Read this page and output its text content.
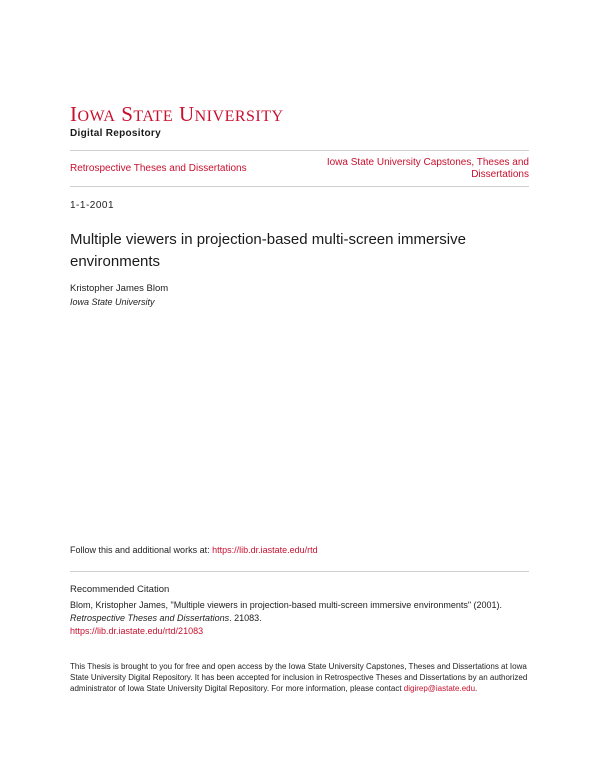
IOWA STATE UNIVERSITY
Digital Repository
Retrospective Theses and Dissertations
Iowa State University Capstones, Theses and Dissertations
1-1-2001
Multiple viewers in projection-based multi-screen immersive environments
Kristopher James Blom
Iowa State University
Follow this and additional works at: https://lib.dr.iastate.edu/rtd
Recommended Citation
Blom, Kristopher James, "Multiple viewers in projection-based multi-screen immersive environments" (2001). Retrospective Theses and Dissertations. 21083.
https://lib.dr.iastate.edu/rtd/21083
This Thesis is brought to you for free and open access by the Iowa State University Capstones, Theses and Dissertations at Iowa State University Digital Repository. It has been accepted for inclusion in Retrospective Theses and Dissertations by an authorized administrator of Iowa State University Digital Repository. For more information, please contact digirep@iastate.edu.
